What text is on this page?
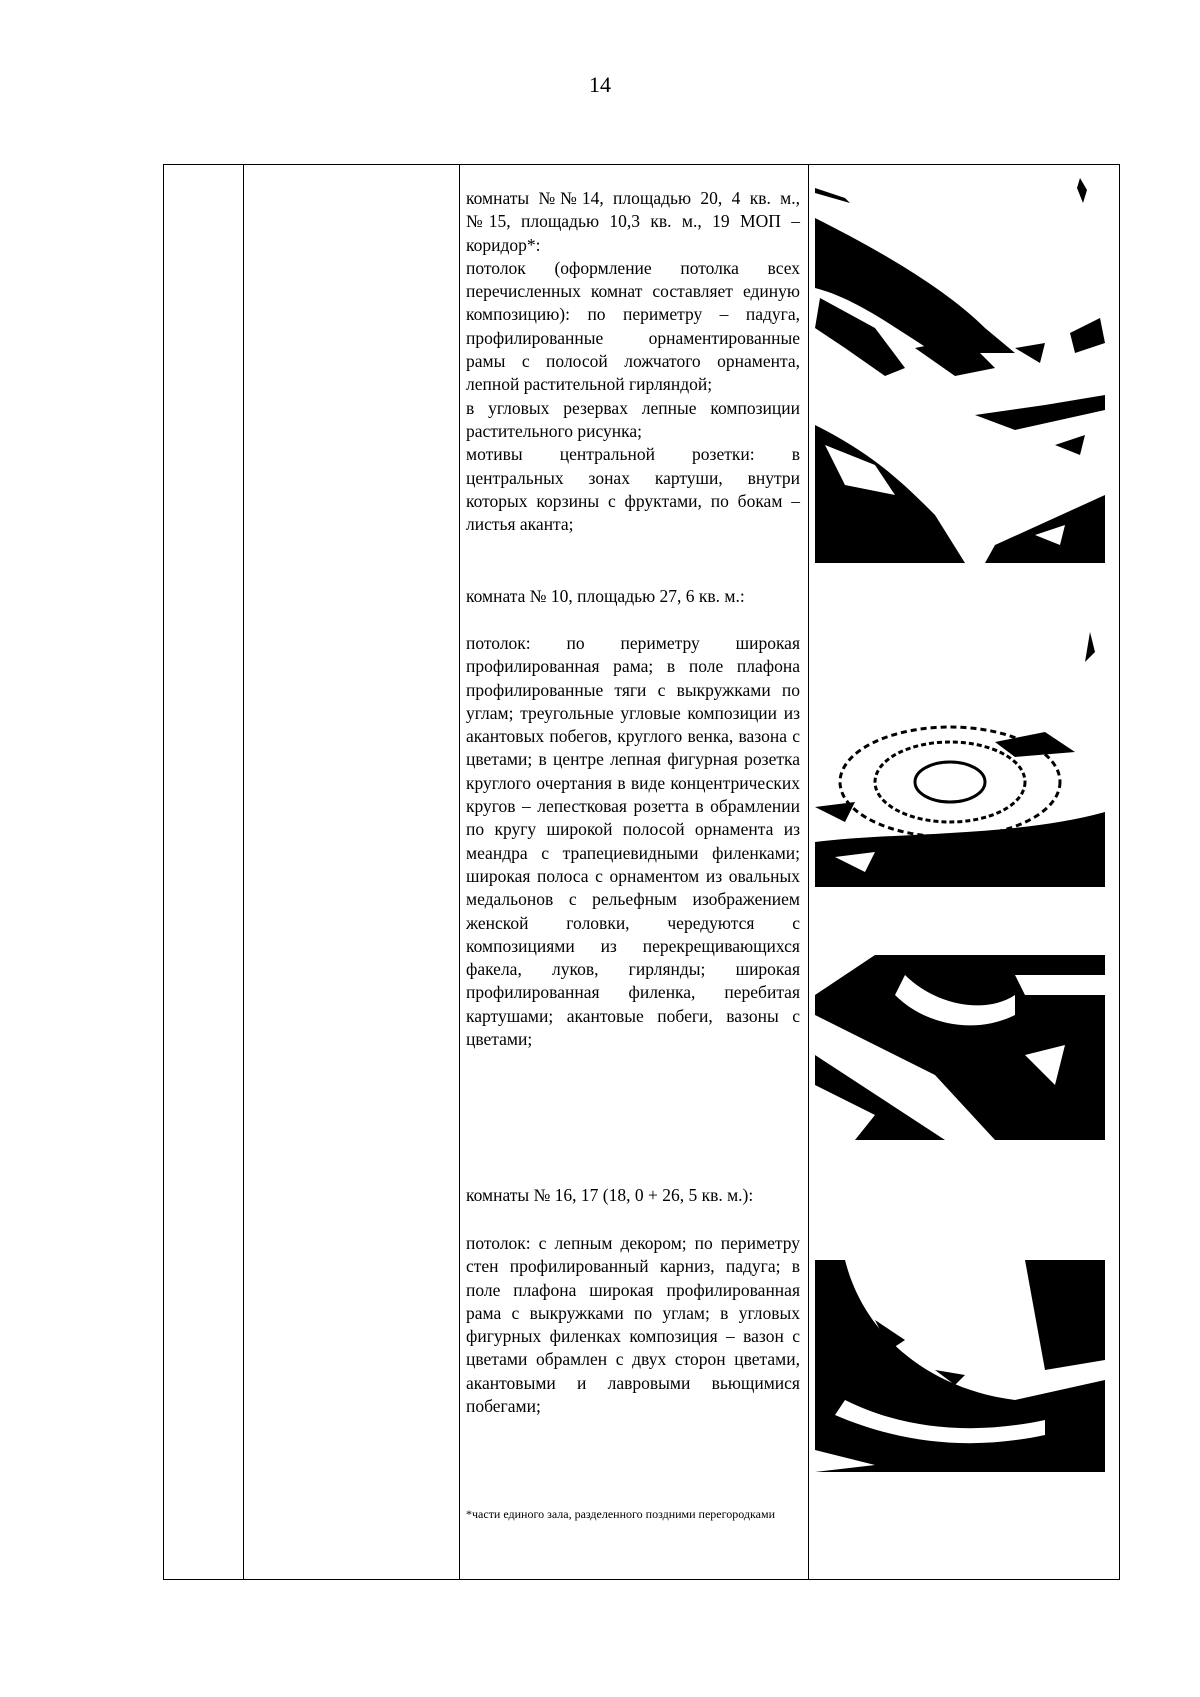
14

комнаты №№14, площадью 20, 4 кв. м., №15, площадью 10,3 кв. м., 19 МОП – коридор*:

потолок (оформление потолка всех перечисленных комнат составляет единую композицию): по периметру – падуга, профилированные орнаментированные рамы с полосой ложчатого орнамента, лепной растительной гирляндой;

в угловых резервах лепные композиции растительного рисунка;

мотивы центральной розетки: в центральных зонах картуши, внутри которых корзины с фруктами, по бокам – листья аканта;

комната № 10, площадью 27, 6 кв. м.:

потолок: по периметру широкая профилированная рама; в поле плафона профилированные тяги с выкружками по углам; треугольные угловые композиции из акантовых побегов, круглого венка, вазона с цветами; в центре лепная фигурная розетка круглого очертания в виде концентрических кругов – лепестковая розетта в обрамлении по кругу широкой полосой орнамента из меандра с трапециевидными филенками; широкая полоса с орнаментом из овальных медальонов с рельефным изображением женской головки, чередуются с композициями из перекрещивающихся факела, луков, гирлянды; широкая профилированная филенка, перебитая картушами; акантовые побеги, вазоны с цветами;

комнаты № 16, 17 (18, 0 + 26, 5 кв. м.):

потолок: с лепным декором; по периметру стен профилированный карниз, падуга; в поле плафона широкая профилированная рама с выкружками по углам; в угловых фигурных филенках композиция – вазон с цветами обрамлен с двух сторон цветами, акантовыми и лавровыми вьющимися побегами;

*части единого зала, разделенного поздними перегородками
